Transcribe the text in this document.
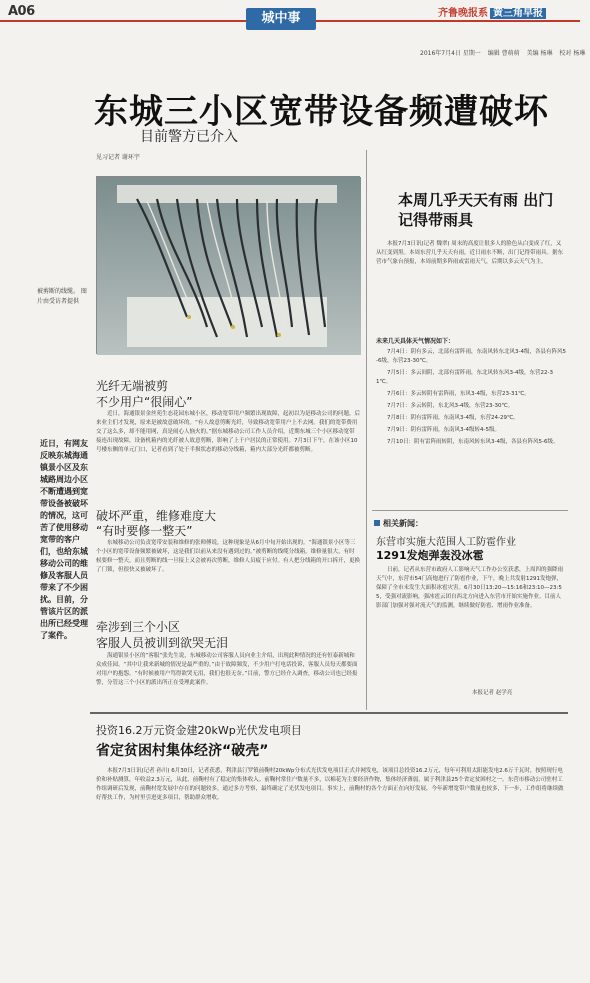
A06	城中事	齐鲁晚报系 黄三角早报
2016年7月4日 星期一 编辑 曹萌萌 美编 杨琳 校对 杨琳
东城三小区宽带设备频遭破坏
目前警方已介入
见习记者 谢环宇
被剪断的线缆。 图片由受访者提供
近日，有网友反映东城海通镇景小区及东城路周边小区不断遭遇到宽带设备被破坏的情况，这可苦了使用移动宽带的客户们，也给东城移动公司的维修及客服人员带来了不少困扰。目前，分管该片区的派出所已经受理了案件。
光纤无端被剪
不少用户“很闹心”
近日，海通银景金丝苑生态花园东城小区，移动宽带用户频繁出现故障，起初以为是移动公司的问题，后来业主们才发现，原来是被故意破坏的。“有人故意剪断光纤，导致移动宽带用户上不去网。我们的宽带费用交了这么多，却不能用网，真是闹心人恼火的。”据东城移动公司工作人员介绍，近期东城三个小区移动宽带接连出现故障，设备机箱内的光纤被人故意剪断，影响了上千户居民的正常使用。7月3日下午，在该小区10号楼东侧的单元门口，记者看到了处于半损状态的移动分线箱，箱内大部分光纤都被剪断。
破坏严重，维修难度大
“有时要修一整天”
东城移动公司负责宽带安装和维修的张师傅说，这种现象是从6月中旬开始出现的。“海通银景小区等三个小区的宽带设备频繁被破坏，这是我们以前从来没有遇到过的。”被剪断的线缆分线箱，维修量很大，有时候要修一整天，而且剪断的线一旦接上又会被再次剪断，维修人员疲于应付。有人把分线箱的开口拆开，更换了门锁，但很快又被破坏了。
牵涉到三个小区
客服人员被训到欲哭无泪
海通银景小区的“客服”张先生说，东城移动公司客服人员向业主介绍，出现此种情况的还有恒泰新城和众成佳园。“其中让我来新城的情况是最严重的。”由于故障频发，不少用户打电话投诉，客服人员每天都要面对用户的抱怨。“有时候被用户骂得欲哭无泪，我们也很无奈。”目前，警方已经介入调查，移动公司也已经报警，分管这三个小区的派出所正在受理此案件。
本周几乎天天有雨 出门记得带雨具
本报7月3日讯(记者 魏翠) 周末的高度让很多人的脸色从白变成了红，又从红变到黑。本周东营几乎天天有雨，近日雨水不断，出门记得带雨具。据东营市气象台预报，本周前期多阵雨或雷雨天气，后期以多云天气为主。
未来几天具体天气情况如下：
7月4日：阴有多云，北部有雷阵雨，东南风转东北风3-4级，各县有阵风5-6级，东营23-30℃。
7月5日：多云间阴，北部有雷阵雨，东北风转东风3-4级，东营22-31℃。
7月6日：多云转阴有雷阵雨，东风3-4级，东营23-31℃。
7月7日：多云转阴，东北风3-4级，东营23-30℃。
7月8日：阴有雷阵雨，东南风3-4级，东营24-29℃。
7月9日：阴有雷阵雨，东南风3-4级转4-5级。
7月10日：阴有雷阵雨转阴，东南风转东风3-4级，各县有阵风5-6级。
相关新闻：
东营市实施大范围人工防雹作业
1291发炮弹轰没冰雹
日前，记者从东营市政府人工影响天气工作办公室获悉，上周四的强降雨天气中，东营市54门高炮进行了防雹作业，下午，晚上共发射1291发炮弹，保障了全市未发生大面积冰雹灾害。6月30日13:20—15:16和23:10—23:55，受强对流影响，强冰雹云团自西北方向进入东营市开始实施作业。目前人影部门加强对强对流天气的监测，继续做好防雹、增雨作业准备。
本报记者 赵学亮
投资16.2万元资金建20kWp光伏发电项目
省定贫困村集体经济“破壳”
本报7月3日讯(记者 孙川) 6月30日，记者获悉，利津县汀罗镇前鞠村20kWp分布式光伏发电项目正式并网发电，该项目总投资16.2万元，每年可利用太阳能发电2.6万千瓦时，按照现行电价和补贴测算，年收益2.3万元，从此，前鞠村有了稳定的集体收入。前鞠村常住户数量不多，以棉花为主要经济作物，集体经济薄弱，属于利津县25个省定贫困村之一。东营市移动公司驻村工作组调研后发现，前鞠村宽发展中存在的问题较多，通过多方考察，最终确定了光伏发电项目。事实上，前鞠村的各个方面正在向好发展，今年新增宽带户数量也较多，下一步，工作组将继续做好帮扶工作，为村里引进更多项目，帮助群众增收。
